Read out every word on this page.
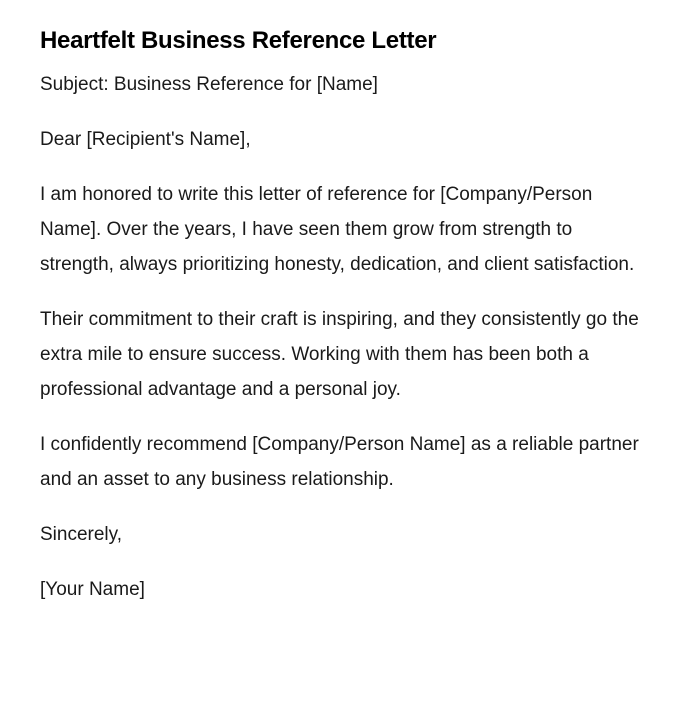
Heartfelt Business Reference Letter

Subject: Business Reference for [Name]

Dear [Recipient's Name],

I am honored to write this letter of reference for [Company/Person Name]. Over the years, I have seen them grow from strength to strength, always prioritizing honesty, dedication, and client satisfaction.

Their commitment to their craft is inspiring, and they consistently go the extra mile to ensure success. Working with them has been both a professional advantage and a personal joy.

I confidently recommend [Company/Person Name] as a reliable partner and an asset to any business relationship.

Sincerely,

[Your Name]
